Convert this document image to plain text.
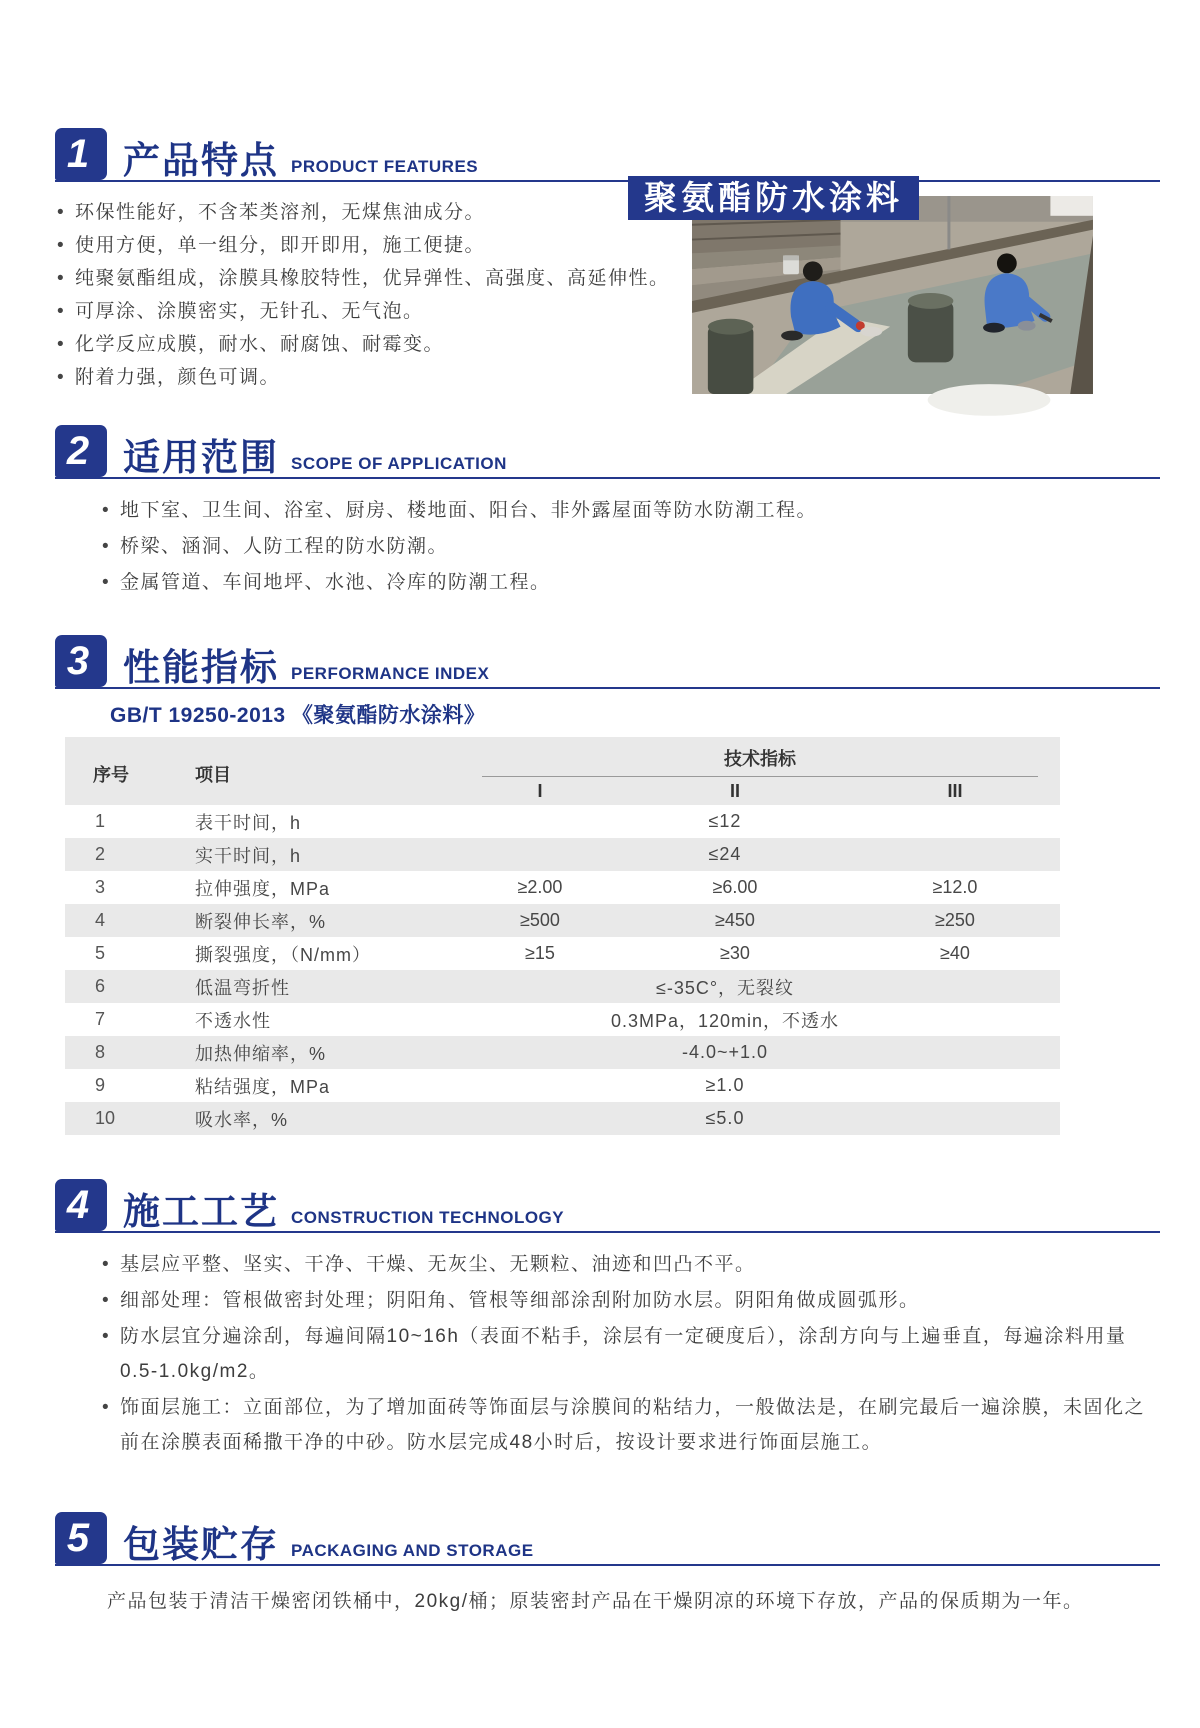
聚氨酯防水涂料
1 产品特点 PRODUCT FEATURES
• 环保性能好，不含苯类溶剂，无煤焦油成分。
• 使用方便，单一组分，即开即用，施工便捷。
• 纯聚氨酯组成，涂膜具橡胶特性，优异弹性、高强度、高延伸性。
• 可厚涂、涂膜密实，无针孔、无气泡。
• 化学反应成膜，耐水、耐腐蚀、耐霉变。
• 附着力强，颜色可调。
2 适用范围 SCOPE OF APPLICATION
• 地下室、卫生间、浴室、厨房、楼地面、阳台、非外露屋面等防水防潮工程。
• 桥梁、涵洞、人防工程的防水防潮。
• 金属管道、车间地坪、水池、冷库的防潮工程。
3 性能指标 PERFORMANCE INDEX
GB/T 19250-2013 《聚氨酯防水涂料》
序号	项目
技术指标
I	II	III
1	表干时间，h	≤12
2	实干时间，h	≤24
3	拉伸强度，MPa	≥2.00	≥6.00	≥12.0
4	断裂伸长率，%	≥500	≥450	≥250
5	撕裂强度，（N/mm）	≥15	≥30	≥40
6	低温弯折性	≤-35C°，无裂纹
7	不透水性	0.3MPa，120min，不透水
8	加热伸缩率，%	-4.0~+1.0
9	粘结强度，MPa	≥1.0
10	吸水率，%	≤5.0
4 施工工艺 CONSTRUCTION TECHNOLOGY
• 基层应平整、坚实、干净、干燥、无灰尘、无颗粒、油迹和凹凸不平。
• 细部处理：管根做密封处理；阴阳角、管根等细部涂刮附加防水层。阴阳角做成圆弧形。
• 防水层宜分遍涂刮，每遍间隔10~16h（表面不粘手，涂层有一定硬度后），涂刮方向与上遍垂直，每遍涂料用量 0.5-1.0kg/m2。
• 饰面层施工：立面部位，为了增加面砖等饰面层与涂膜间的粘结力，一般做法是，在刷完最后一遍涂膜，未固化之前在涂膜表面稀撒干净的中砂。防水层完成48小时后，按设计要求进行饰面层施工。
5 包装贮存 PACKAGING AND STORAGE
产品包装于清洁干燥密闭铁桶中，20kg/桶；原装密封产品在干燥阴凉的环境下存放，产品的保质期为一年。
